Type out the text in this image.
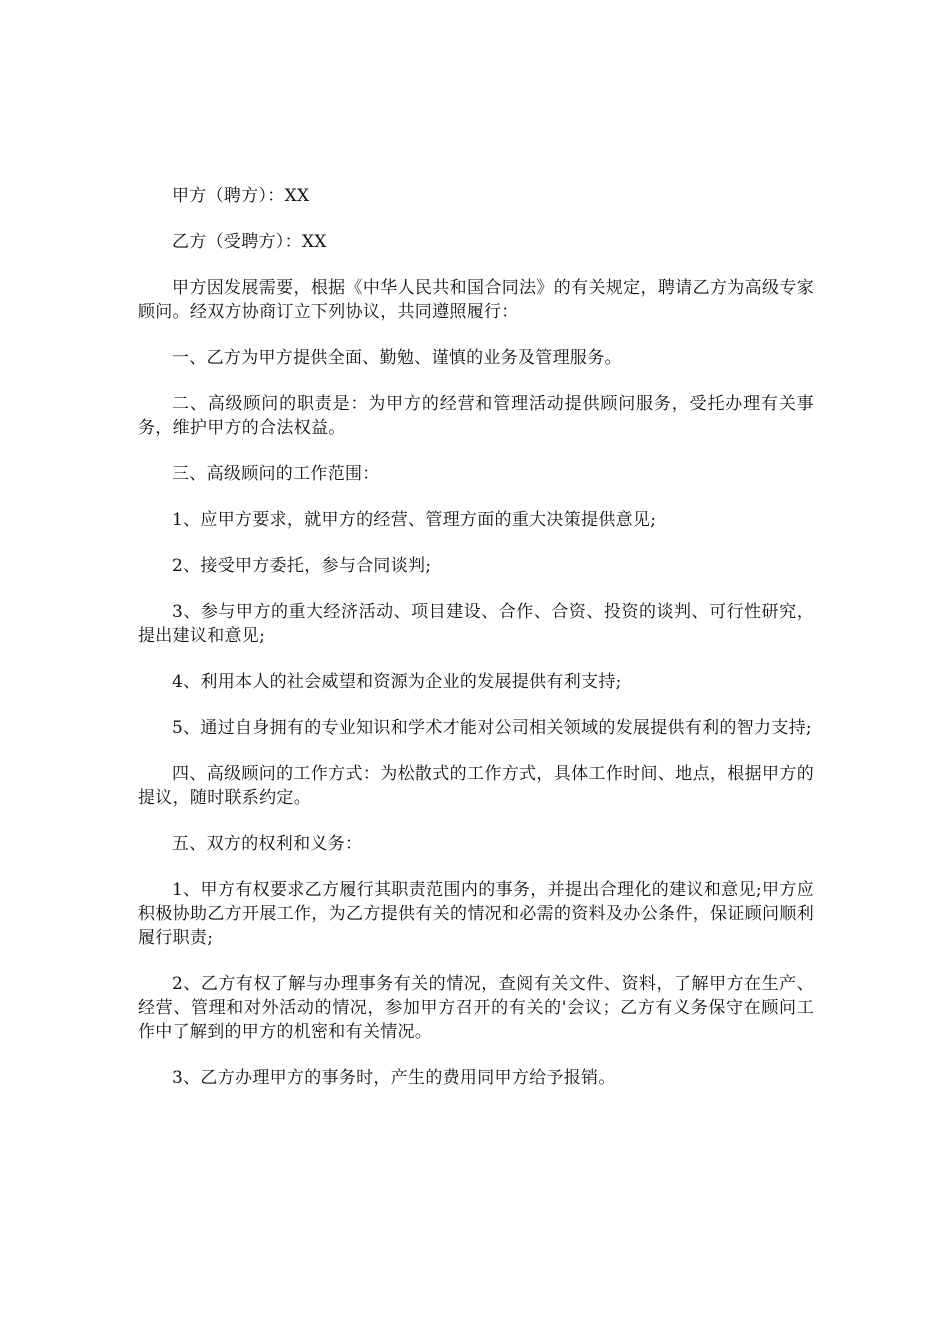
甲方（聘方）：XX

乙方（受聘方）：XX

甲方因发展需要，根据《中华人民共和国合同法》的有关规定，聘请乙方为高级专家顾问。经双方协商订立下列协议，共同遵照履行：

一、乙方为甲方提供全面、勤勉、谨慎的业务及管理服务。

二、高级顾问的职责是：为甲方的经营和管理活动提供顾问服务，受托办理有关事务，维护甲方的合法权益。

三、高级顾问的工作范围：

1、应甲方要求，就甲方的经营、管理方面的重大决策提供意见;

2、接受甲方委托，参与合同谈判;

3、参与甲方的重大经济活动、项目建设、合作、合资、投资的谈判、可行性研究，提出建议和意见;

4、利用本人的社会威望和资源为企业的发展提供有利支持;

5、通过自身拥有的专业知识和学术才能对公司相关领域的发展提供有利的智力支持;

四、高级顾问的工作方式：为松散式的工作方式，具体工作时间、地点，根据甲方的提议，随时联系约定。

五、双方的权利和义务：

1、甲方有权要求乙方履行其职责范围内的事务，并提出合理化的建议和意见;甲方应积极协助乙方开展工作，为乙方提供有关的情况和必需的资料及办公条件，保证顾问顺利履行职责;

2、乙方有权了解与办理事务有关的情况，查阅有关文件、资料，了解甲方在生产、经营、管理和对外活动的情况，参加甲方召开的有关的'会议；乙方有义务保守在顾问工作中了解到的甲方的机密和有关情况。

3、乙方办理甲方的事务时，产生的费用同甲方给予报销。
